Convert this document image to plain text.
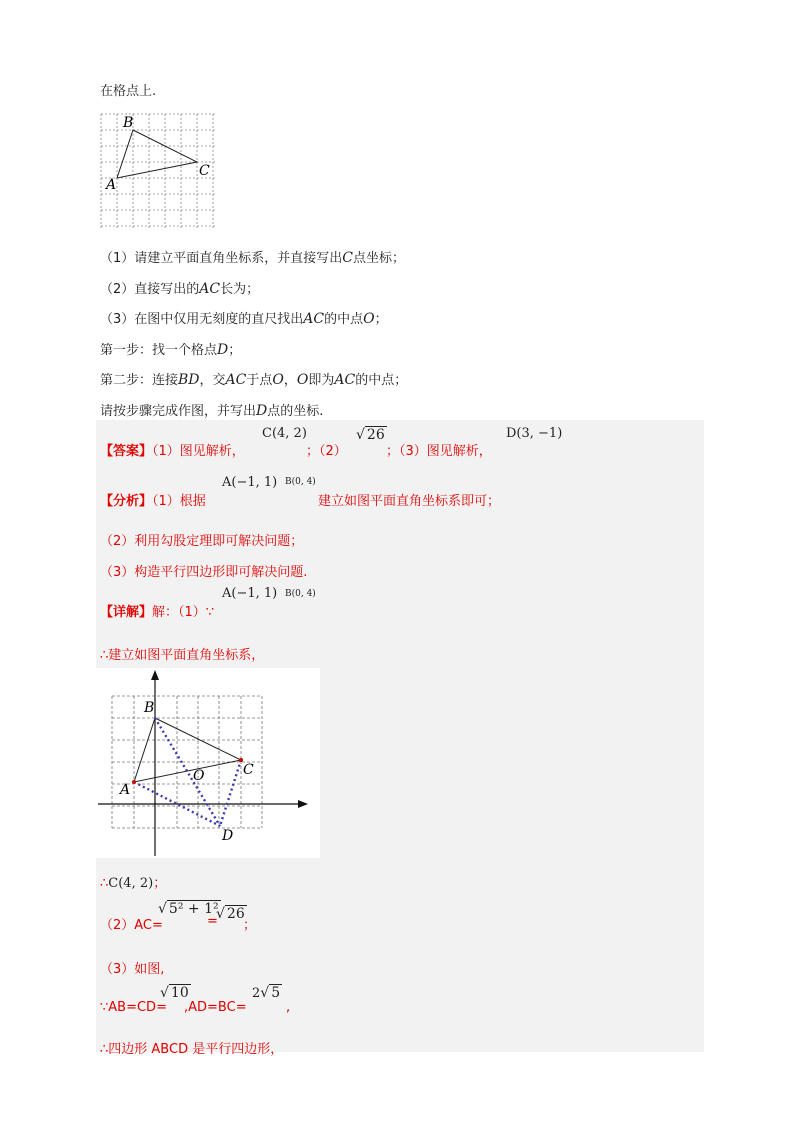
在格点上.
B
A
C
（1）请建立平面直角坐标系，并直接写出C点坐标；
（2）直接写出的AC长为；
（3）在图中仅用无刻度的直尺找出AC的中点O；
第一步：找一个格点D；
第二步：连接BD，交AC于点O，O即为AC的中点；
请按步骤完成作图，并写出D点的坐标.
【答案】（1）图见解析，
C(4, 2)
；（2）
√ 26
；（3）图见解析，
D(3, −1)
【分析】（1）根据
A(−1, 1) B(0, 4)
建立如图平面直角坐标系即可；
（2）利用勾股定理即可解决问题；
（3）构造平行四边形即可解决问题.
【详解】解：（1）∵
A(−1, 1) B(0, 4)
∴建立如图平面直角坐标系，
B
A
C
O
D
∴C(4, 2)；
（2）AC=
√ 5² + 1²
=
√ 26
；
（3）如图,
∵AB=CD=
√ 10
,AD=BC=
2√ 5
,
∴四边形 ABCD 是平行四边形，
